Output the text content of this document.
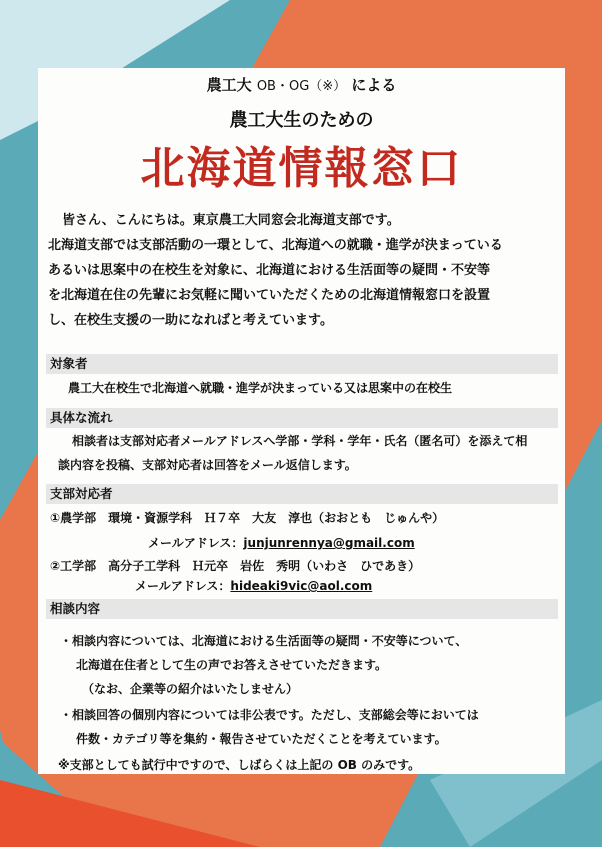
農工大 OB・OG（※） による
農工大生のための
北海道情報窓口

皆さん、こんにちは。東京農工大同窓会北海道支部です。

北海道支部では支部活動の一環として、北海道への就職・進学が決まっている

あるいは思案中の在校生を対象に、北海道における生活面等の疑問・不安等

を北海道在住の先輩にお気軽に聞いていただくための北海道情報窓口を設置

し、在校生支援の一助になればと考えています。

対象者
農工大在校生で北海道へ就職・進学が決まっている又は思案中の在校生
具体な流れ
相談者は支部対応者メールアドレスへ学部・学科・学年・氏名（匿名可）を添えて相
談内容を投稿、支部対応者は回答をメール返信します。
支部対応者
①農学部　環境・資源学科　Ｈ７卒　大友　淳也（おおとも　じゅんや）
メールアドレス：junjunrennya@gmail.com
②工学部　高分子工学科　Ｈ元卒　岩佐　秀明（いわさ　ひであき）
メールアドレス：hideaki9vic@aol.com
相談内容
・相談内容については、北海道における生活面等の疑問・不安等について、
北海道在住者として生の声でお答えさせていただきます。
（なお、企業等の紹介はいたしません）
・相談回答の個別内容については非公表です。ただし、支部総会等においては
件数・カテゴリ等を集約・報告させていただくことを考えています。
※支部としても試行中ですので、しばらくは上記の OB のみです。
